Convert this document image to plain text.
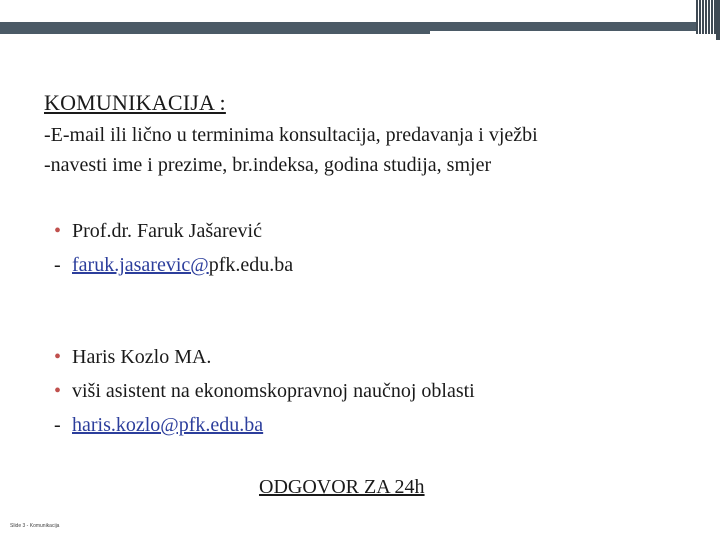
KOMUNIKACIJA :
-E-mail ili lično u terminima konsultacija, predavanja i vježbi
-navesti ime i prezime, br.indeksa, godina studija, smjer
• Prof.dr. Faruk Jašarević
- faruk.jasarevic@pfk.edu.ba
• Haris Kozlo MA.
• viši asistent na ekonomskopravnoj naučnoj oblasti
- haris.kozlo@pfk.edu.ba
ODGOVOR ZA 24h
Slide 3 - Komunikacija
